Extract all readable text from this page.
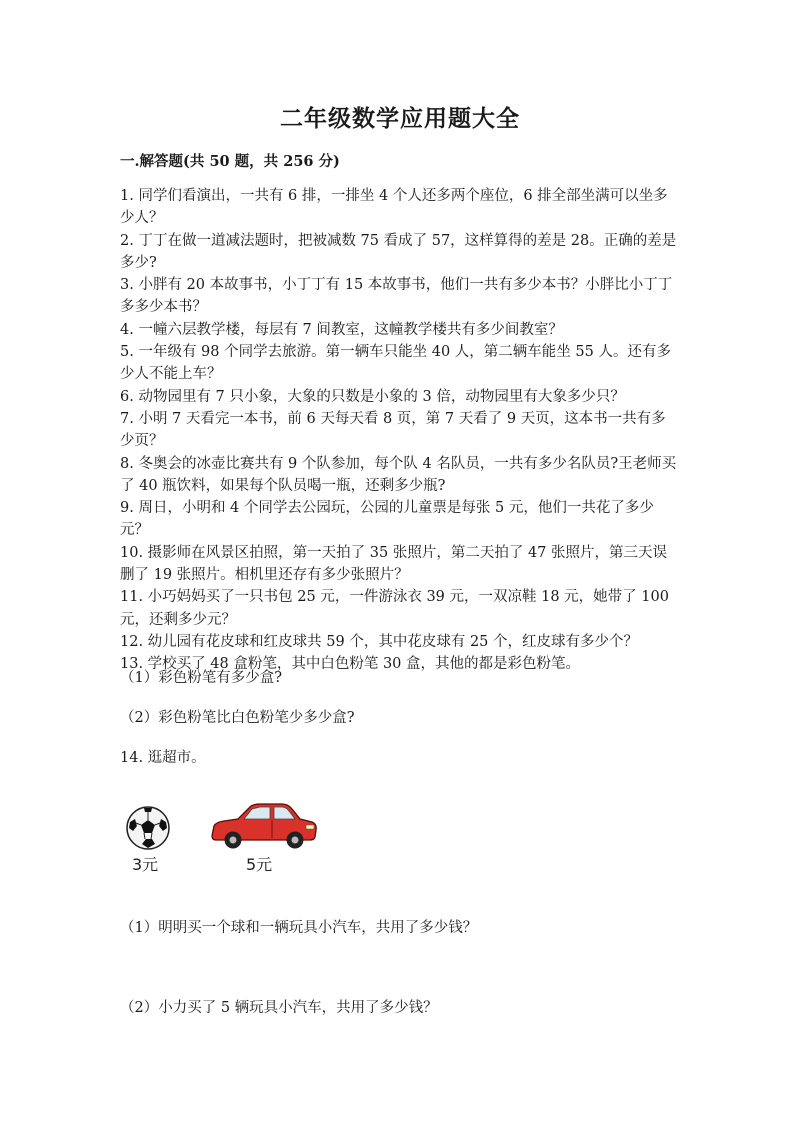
二年级数学应用题大全
一.解答题(共 50 题，共 256 分)

1. 同学们看演出，一共有 6 排，一排坐 4 个人还多两个座位，6 排全部坐满可以坐多少人？

2. 丁丁在做一道减法题时，把被减数 75 看成了 57，这样算得的差是 28。正确的差是多少?

3. 小胖有 20 本故事书，小丁丁有 15 本故事书，他们一共有多少本书？小胖比小丁丁多多少本书？

4. 一幢六层教学楼，每层有 7 间教室，这幢教学楼共有多少间教室？

5. 一年级有 98 个同学去旅游。第一辆车只能坐 40 人，第二辆车能坐 55 人。还有多少人不能上车？

6. 动物园里有 7 只小象，大象的只数是小象的 3 倍，动物园里有大象多少只？

7. 小明 7 天看完一本书，前 6 天每天看 8 页，第 7 天看了 9 天页，这本书一共有多少页？

8. 冬奥会的冰壶比赛共有 9 个队参加，每个队 4 名队员，一共有多少名队员?王老师买了 40 瓶饮料，如果每个队员喝一瓶，还剩多少瓶?

9. 周日，小明和 4 个同学去公园玩，公园的儿童票是每张 5 元，他们一共花了多少元？

10. 摄影师在风景区拍照，第一天拍了 35 张照片，第二天拍了 47 张照片，第三天误删了 19 张照片。相机里还存有多少张照片？

11. 小巧妈妈买了一只书包 25 元，一件游泳衣 39 元，一双凉鞋 18 元，她带了 100 元，还剩多少元？

12. 幼儿园有花皮球和红皮球共 59 个，其中花皮球有 25 个，红皮球有多少个？

13. 学校买了 48 盒粉笔，其中白色粉笔 30 盒，其他的都是彩色粉笔。

（1）彩色粉笔有多少盒?
（2）彩色粉笔比白色粉笔少多少盒?
14. 逛超市。
3元	5元
（1）明明买一个球和一辆玩具小汽车，共用了多少钱？
（2）小力买了 5 辆玩具小汽车，共用了多少钱？
